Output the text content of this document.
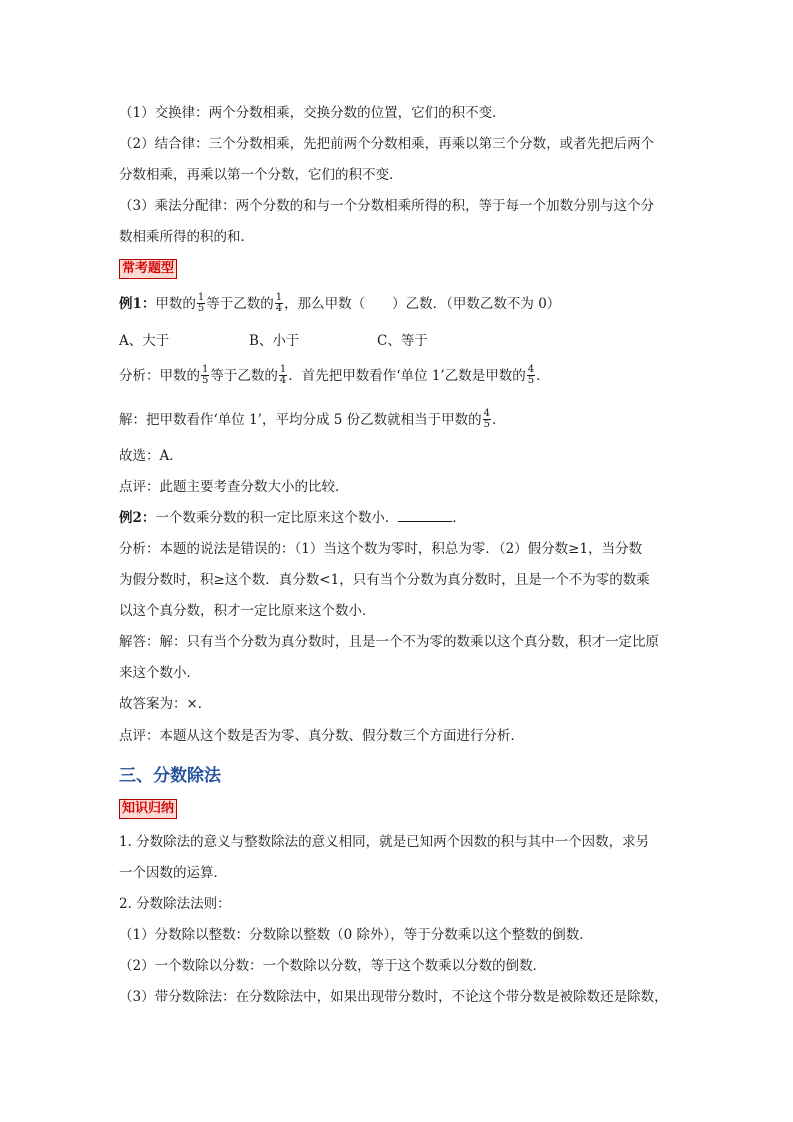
（1）交换律：两个分数相乘，交换分数的位置，它们的积不变．
（2）结合律：三个分数相乘，先把前两个分数相乘，再乘以第三个分数，或者先把后两个
分数相乘，再乘以第一个分数，它们的积不变．
（3）乘法分配律：两个分数的和与一个分数相乘所得的积，等于每一个加数分别与这个分
数相乘所得的积的和．
常考题型
例1：甲数的 $\frac{1}{5}$ 等于乙数的 $\frac{1}{4}$ ，那么甲数（　　）乙数．（甲数乙数不为 0）
A、大于	B、小于	C、等于
分析：甲数的 $\frac{1}{5}$ 等于乙数的 $\frac{1}{4}$ ．首先把甲数看作‘单位 1’乙数是甲数的 $\frac{4}{5}$ ．
解：把甲数看作‘单位 1’，平均分成 5 份乙数就相当于甲数的 $\frac{4}{5}$ ．
故选：A．
点评：此题主要考查分数大小的比较．
例2：一个数乘分数的积一定比原来这个数小．	．
分析：本题的说法是错误的：（1）当这个数为零时，积总为零．（2）假分数≥1，当分数
为假分数时，积≥这个数．真分数<1，只有当个分数为真分数时，且是一个不为零的数乘
以这个真分数，积才一定比原来这个数小．
解答：解：只有当个分数为真分数时，且是一个不为零的数乘以这个真分数，积才一定比原
来这个数小．
故答案为：×．
点评：本题从这个数是否为零、真分数、假分数三个方面进行分析．
三、分数除法
知识归纳
1. 分数除法的意义与整数除法的意义相同，就是已知两个因数的积与其中一个因数，求另
一个因数的运算．
2. 分数除法法则：
（1）分数除以整数：分数除以整数（0 除外），等于分数乘以这个整数的倒数．
（2）一个数除以分数：一个数除以分数，等于这个数乘以分数的倒数．
（3）带分数除法：在分数除法中，如果出现带分数时，不论这个带分数是被除数还是除数，
